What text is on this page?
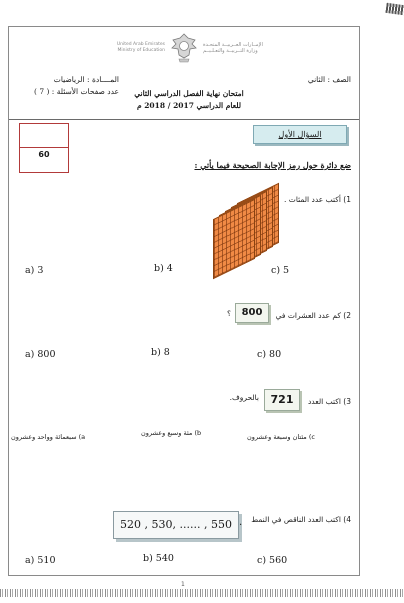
United Arab Emirates
Ministry of Education
الإمــارات العــربيــة المتحـدة
وزارة التــربيــة والتعـلـيــم
المــــادة : الرياضيات
عدد صفحات الأسئلة : ( 7 )
الصف : الثاني
امتحان نهاية الفصل الدراسي الثاني
للعام الدراسي 2017 / 2018 م
60
السؤال الأول
ضع دائرة حول رمز الإجابة الصحيحة فيما يأتي :
1) أكتب عدد المئات .
a) 3	b) 4	c) 5
2) كم عدد العشرات في
800
؟
a) 800	b) 8	c) 80
3) اكتب العدد
721
بالحروف.
سبعمائة وواحد وعشرون (a	مئة وسبع وعشرون (b	مئتان وسبعة وعشرون (c
4) اكتب العدد الناقص في النمط
520 , 530, ...... , 550 .
a) 510	b) 540	c) 560
1
